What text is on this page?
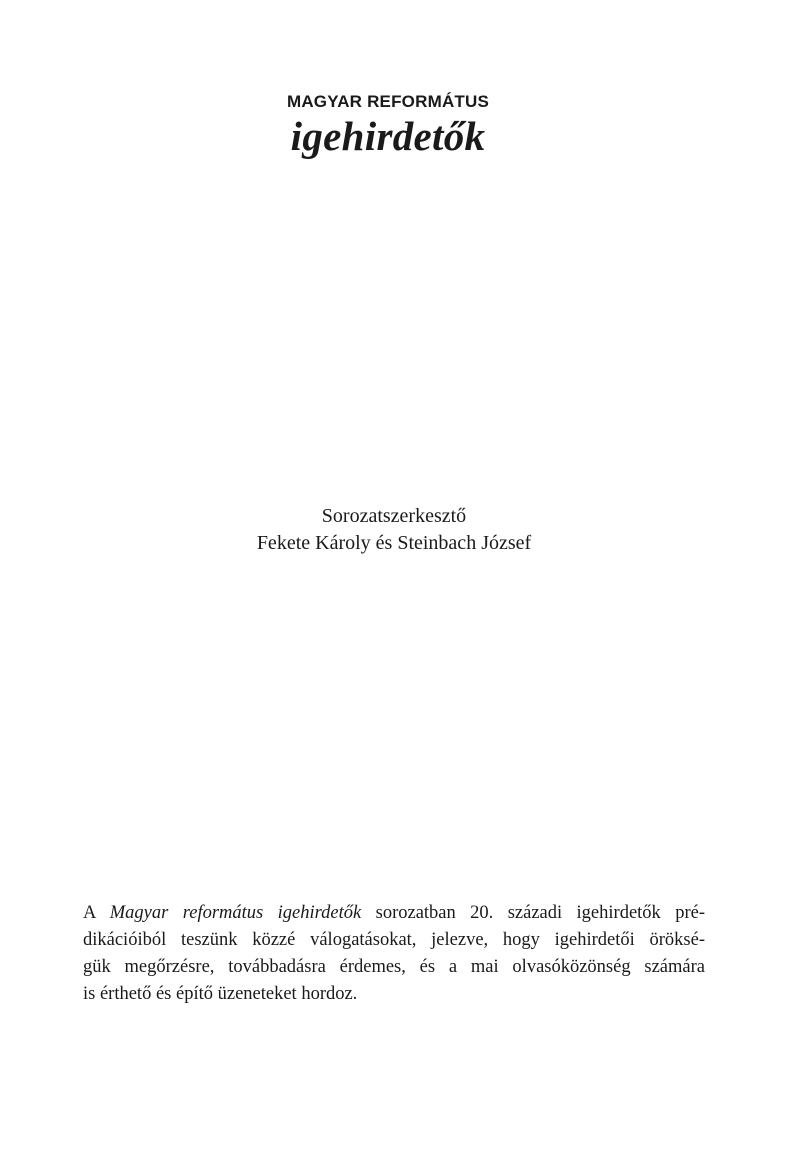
MAGYAR REFORMÁTUS
igehirdetők
Sorozatszerkesztő
Fekete Károly és Steinbach József
A Magyar református igehirdetők sorozatban 20. századi igehirdetők pré-
dikációiból teszünk közzé válogatásokat, jelezve, hogy igehirdetői öröksé-
gük megőrzésre, továbbadásra érdemes, és a mai olvasóközönség számára
is érthető és építő üzeneteket hordoz.
